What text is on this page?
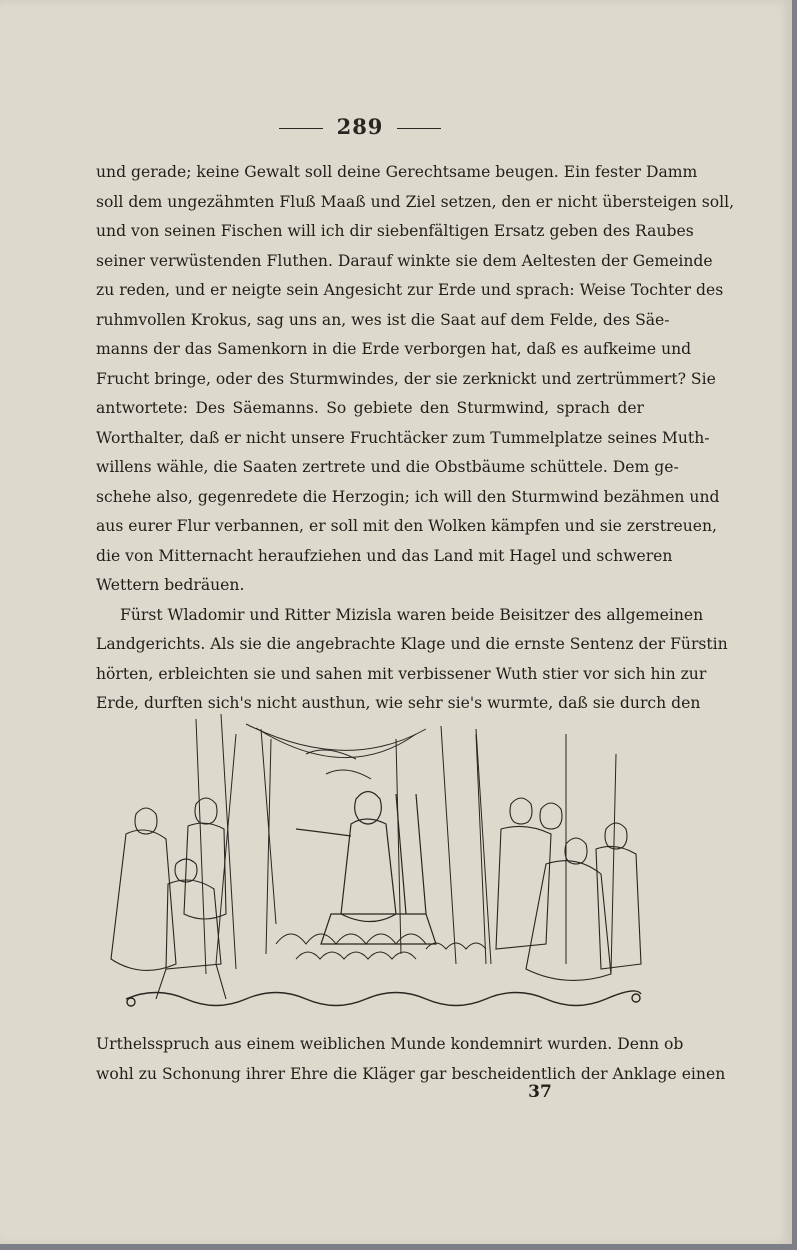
289
und gerade; keine Gewalt soll deine Gerechtsame beugen. Ein fester Damm
soll dem ungezähmten Fluß Maaß und Ziel setzen, den er nicht übersteigen soll,
und von seinen Fischen will ich dir siebenfältigen Ersatz geben des Raubes
seiner verwüstenden Fluthen. Darauf winkte sie dem Aeltesten der Gemeinde
zu reden, und er neigte sein Angesicht zur Erde und sprach: Weise Tochter des
ruhmvollen Krokus, sag uns an, wes ist die Saat auf dem Felde, des Säe-
manns der das Samenkorn in die Erde verborgen hat, daß es aufkeime und
Frucht bringe, oder des Sturmwindes, der sie zerknickt und zertrümmert? Sie
antwortete: Des Säemanns. So gebiete den Sturmwind, sprach der
Worthalter, daß er nicht unsere Fruchtäcker zum Tummelplatze seines Muth-
willens wähle, die Saaten zertrete und die Obstbäume schüttele. Dem ge-
schehe also, gegenredete die Herzogin; ich will den Sturmwind bezähmen und
aus eurer Flur verbannen, er soll mit den Wolken kämpfen und sie zerstreuen,
die von Mitternacht heraufziehen und das Land mit Hagel und schweren
Wettern bedräuen.
Fürst Wladomir und Ritter Mizisla waren beide Beisitzer des allgemeinen
Landgerichts. Als sie die angebrachte Klage und die ernste Sentenz der Fürstin
hörten, erbleichten sie und sahen mit verbissener Wuth stier vor sich hin zur
Erde, durften sich's nicht austhun, wie sehr sie's wurmte, daß sie durch den
Urthelsspruch aus einem weiblichen Munde kondemnirt wurden. Denn ob
wohl zu Schonung ihrer Ehre die Kläger gar bescheidentlich der Anklage einen
37
